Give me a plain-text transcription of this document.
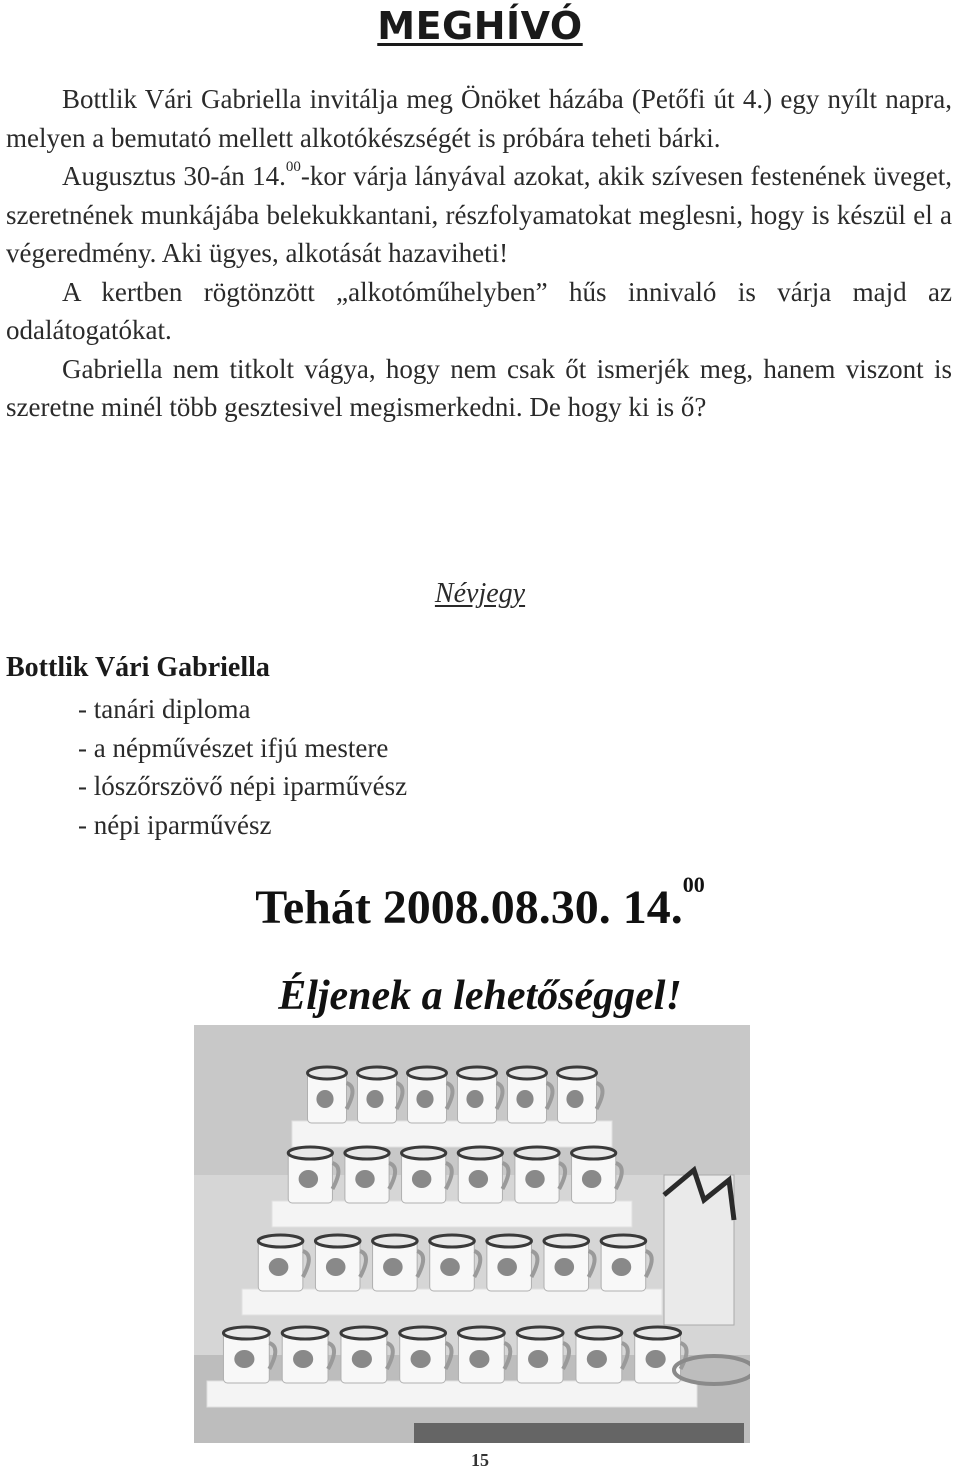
MEGHÍVÓ

Bottlik Vári Gabriella invitálja meg Önöket házába (Petőfi út 4.) egy nyílt napra, melyen a bemutató mellett alkotókészségét is próbára teheti bárki.

Augusztus 30-án 14.00-kor várja lányával azokat, akik szívesen festenének üveget, szeretnének munkájába belekukkantani, részfolyamatokat meglesni, hogy is készül el a végeredmény. Aki ügyes, alkotását hazaviheti!

A kertben rögtönzött „alkotóműhelyben” hűs innivaló is várja majd az odalátogatókat.

Gabriella nem titkolt vágya, hogy nem csak őt ismerjék meg, hanem viszont is szeretne minél több gesztesivel megismerkedni. De hogy ki is ő?

Névjegy
Bottlik Vári Gabriella
- tanári diploma
- a népművészet ifjú mestere
- lószőrszövő népi iparművész
- népi iparművész
Tehát 2008.08.30. 14.00
Éljenek a lehetőséggel!
15
